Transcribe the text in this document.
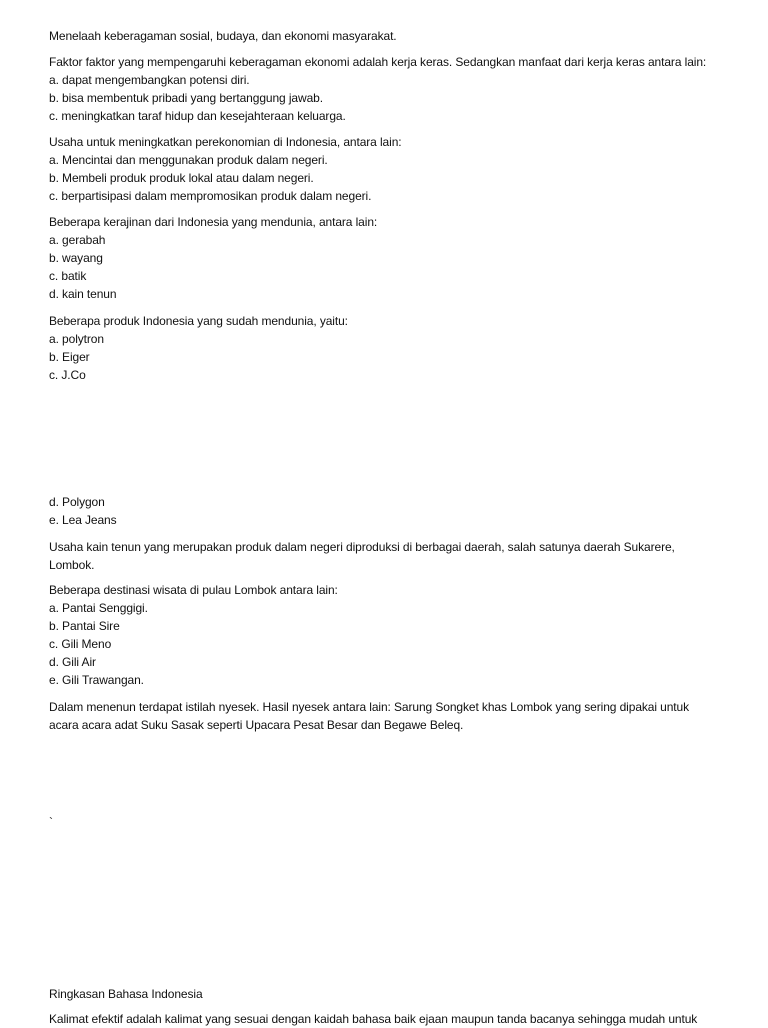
Menelaah keberagaman sosial, budaya, dan ekonomi masyarakat.
Faktor faktor yang mempengaruhi keberagaman ekonomi adalah kerja keras. Sedangkan manfaat dari kerja keras antara lain:
a. dapat mengembangkan potensi diri.
b. bisa membentuk pribadi yang bertanggung jawab.
c. meningkatkan taraf hidup dan kesejahteraan keluarga.
Usaha untuk meningkatkan perekonomian di Indonesia, antara lain:
a. Mencintai dan menggunakan produk dalam negeri.
b. Membeli produk produk lokal atau dalam negeri.
c. berpartisipasi dalam mempromosikan produk dalam negeri.
Beberapa kerajinan dari Indonesia yang mendunia, antara lain:
a. gerabah
b. wayang
c. batik
d. kain tenun
Beberapa produk Indonesia yang sudah mendunia, yaitu:
a. polytron
b. Eiger
c. J.Co
d. Polygon
e. Lea Jeans
Usaha kain tenun yang merupakan produk dalam negeri diproduksi di berbagai daerah, salah satunya daerah Sukarere,
Lombok.
Beberapa destinasi wisata di pulau Lombok antara lain:
a. Pantai Senggigi.
b. Pantai Sire
c. Gili Meno
d. Gili Air
e. Gili Trawangan.
Dalam menenun terdapat istilah nyesek. Hasil nyesek antara lain: Sarung Songket khas Lombok yang sering dipakai untuk
acara acara adat Suku Sasak seperti Upacara Pesat Besar dan Begawe Beleq.
`
Ringkasan Bahasa Indonesia
Kalimat efektif adalah kalimat yang sesuai dengan kaidah bahasa baik ejaan maupun tanda bacanya sehingga mudah untuk
